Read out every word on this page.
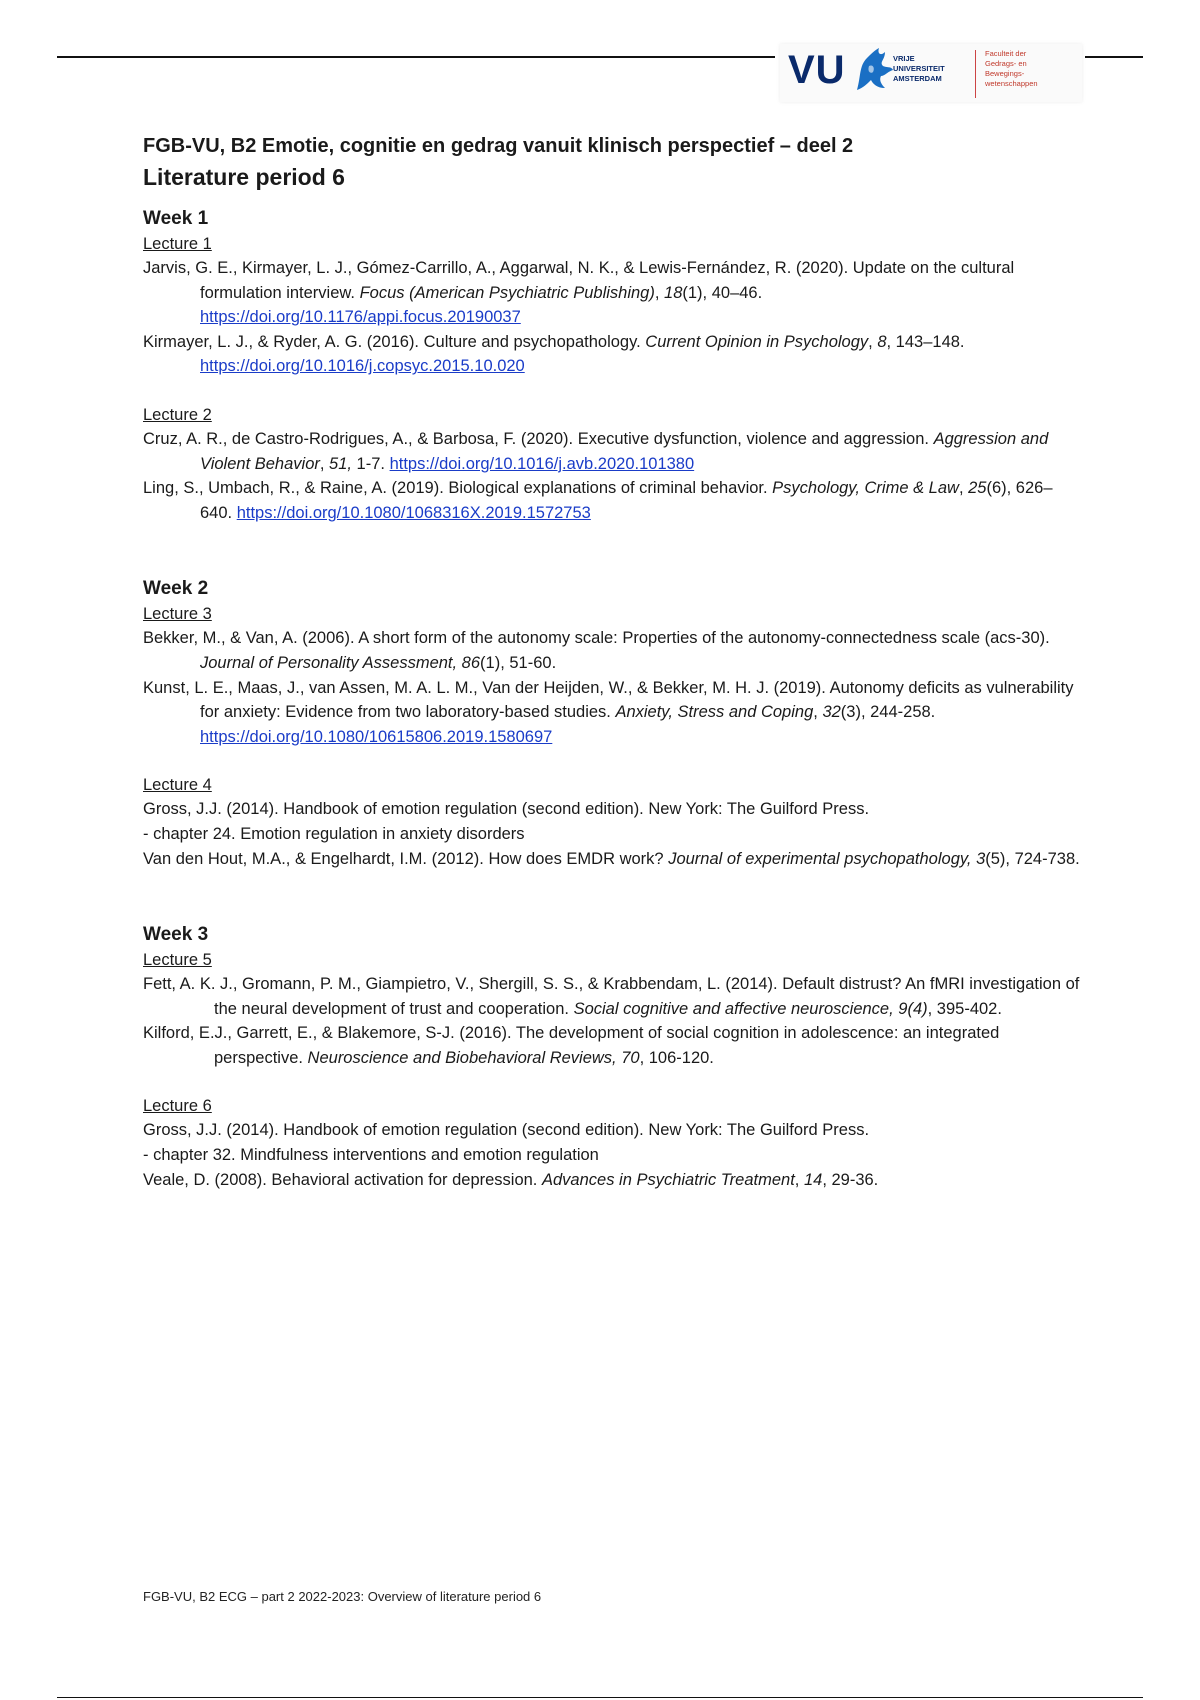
VU	VRIJE
UNIVERSITEIT
AMSTERDAM
Faculteit der
Gedrags- en
Bewegings-
wetenschappen

FGB-VU, B2 Emotie, cognitie en gedrag vanuit klinisch perspectief – deel 2

Literature period 6

Week 1

Lecture 1

Jarvis, G. E., Kirmayer, L. J., Gómez-Carrillo, A., Aggarwal, N. K., & Lewis-Fernández, R. (2020). Update on the cultural formulation interview. Focus (American Psychiatric Publishing), 18(1), 40–46. https://doi.org/10.1176/appi.focus.20190037

Kirmayer, L. J., & Ryder, A. G. (2016). Culture and psychopathology. Current Opinion in Psychology, 8, 143–148. https://doi.org/10.1016/j.copsyc.2015.10.020

Lecture 2

Cruz, A. R., de Castro-Rodrigues, A., & Barbosa, F. (2020). Executive dysfunction, violence and aggression. Aggression and Violent Behavior, 51, 1-7. https://doi.org/10.1016/j.avb.2020.101380

Ling, S., Umbach, R., & Raine, A. (2019). Biological explanations of criminal behavior. Psychology, Crime & Law, 25(6), 626–640. https://doi.org/10.1080/1068316X.2019.1572753

Week 2

Lecture 3

Bekker, M., & Van, A. (2006). A short form of the autonomy scale: Properties of the autonomy-connectedness scale (acs-30). Journal of Personality Assessment, 86(1), 51-60.

Kunst, L. E., Maas, J., van Assen, M. A. L. M., Van der Heijden, W., & Bekker, M. H. J. (2019). Autonomy deficits as vulnerability for anxiety: Evidence from two laboratory-based studies. Anxiety, Stress and Coping, 32(3), 244-258. https://doi.org/10.1080/10615806.2019.1580697

Lecture 4

Gross, J.J. (2014). Handbook of emotion regulation (second edition). New York: The Guilford Press.

- chapter 24. Emotion regulation in anxiety disorders

Van den Hout, M.A., & Engelhardt, I.M. (2012). How does EMDR work? Journal of experimental psychopathology, 3(5), 724-738.

Week 3

Lecture 5

Fett, A. K. J., Gromann, P. M., Giampietro, V., Shergill, S. S., & Krabbendam, L. (2014). Default distrust? An fMRI investigation of the neural development of trust and cooperation. Social cognitive and affective neuroscience, 9(4), 395-402.

Kilford, E.J., Garrett, E., & Blakemore, S-J. (2016). The development of social cognition in adolescence: an integrated perspective. Neuroscience and Biobehavioral Reviews, 70, 106-120.

Lecture 6

Gross, J.J. (2014). Handbook of emotion regulation (second edition). New York: The Guilford Press.

- chapter 32. Mindfulness interventions and emotion regulation

Veale, D. (2008). Behavioral activation for depression. Advances in Psychiatric Treatment, 14, 29-36.

FGB-VU, B2 ECG – part 2 2022-2023: Overview of literature period 6
